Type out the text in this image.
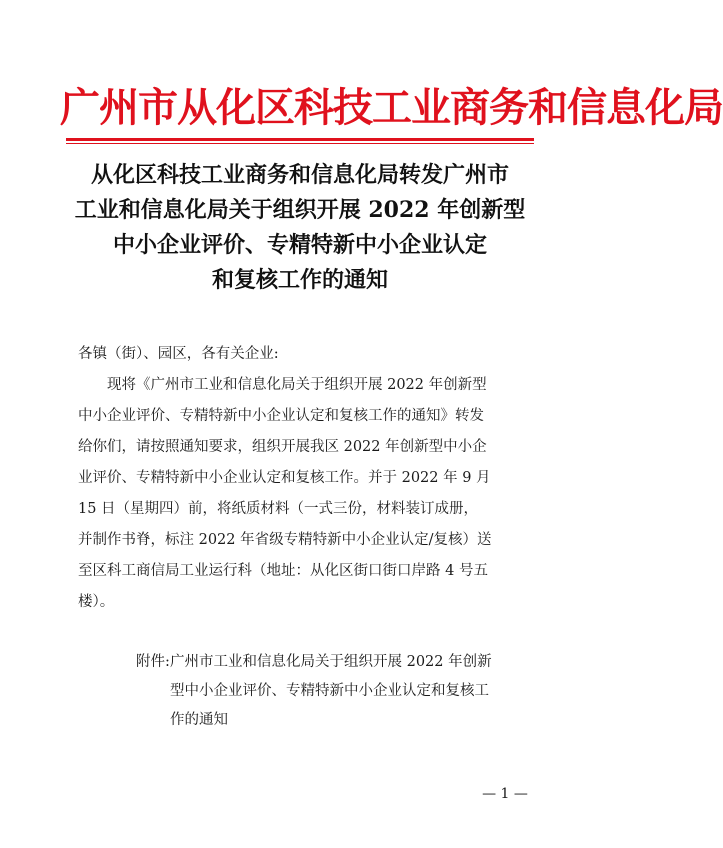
广州市从化区科技工业商务和信息化局
从化区科技工业商务和信息化局转发广州市
工业和信息化局关于组织开展 2022 年创新型
中小企业评价、专精特新中小企业认定
和复核工作的通知
各镇（街）、园区，各有关企业:
现将《广州市工业和信息化局关于组织开展 2022 年创新型
中小企业评价、专精特新中小企业认定和复核工作的通知》转发
给你们，请按照通知要求，组织开展我区 2022 年创新型中小企
业评价、专精特新中小企业认定和复核工作。并于 2022 年 9 月
15 日（星期四）前，将纸质材料（一式三份，材料装订成册，
并制作书脊，标注 2022 年省级专精特新中小企业认定/复核）送
至区科工商信局工业运行科（地址：从化区街口街口岸路 4 号五
楼）。
附件:广州市工业和信息化局关于组织开展 2022 年创新
型中小企业评价、专精特新中小企业认定和复核工
作的通知
— 1 —
